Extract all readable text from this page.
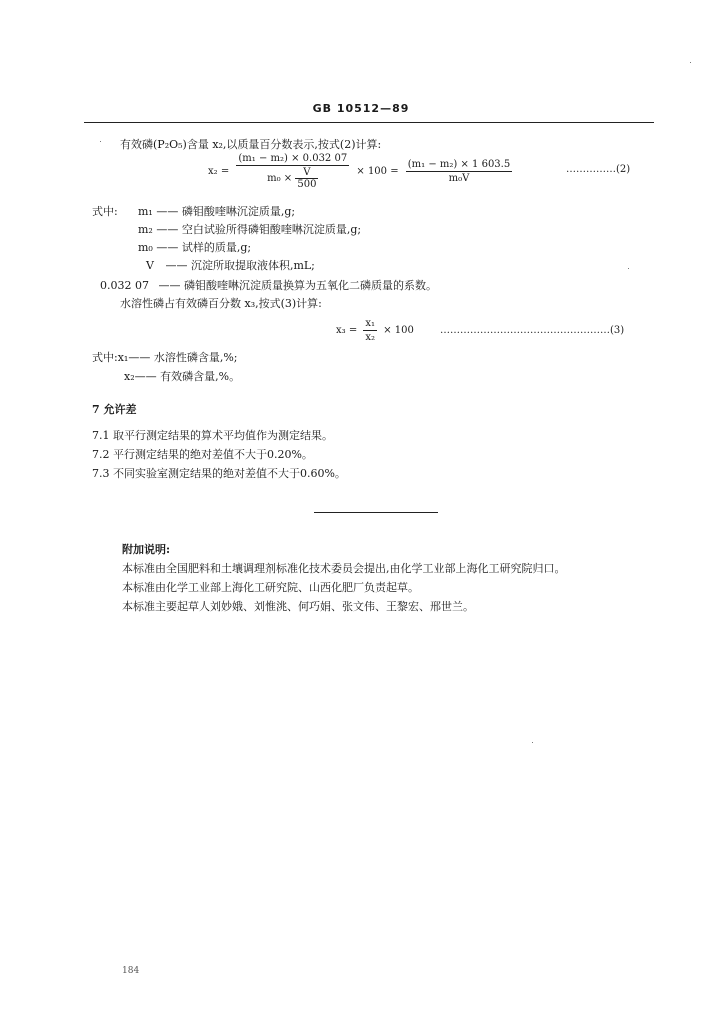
GB 10512—89
有效磷(P₂O₅)含量 x₂,以质量百分数表示,按式(2)计算:
$x_2 = \frac{\text{(m₁ − m₂) × 0.032 07}}{m_0 \times \frac{V}{500}} \times 100 = \frac{\text{(m₁ − m₂) × 1 603.5}}{\text{m₀V}}$	……………(2)
式中: m₁ —— 磷钼酸喹啉沉淀质量,g;
m₂ —— 空白试验所得磷钼酸喹啉沉淀质量,g;
m₀ —— 试样的质量,g;
V —— 沉淀所取提取液体积,mL;
0.032 07 —— 磷钼酸喹啉沉淀质量换算为五氧化二磷质量的系数。
水溶性磷占有效磷百分数 x₃,按式(3)计算:
$x_3 = \frac{\text{x₁}}{\text{x₂}} \times 100$	……………………………………………(3)
式中:x₁—— 水溶性磷含量,%;
x₂—— 有效磷含量,%。
7 允许差
7.1 取平行测定结果的算术平均值作为测定结果。
7.2 平行测定结果的绝对差值不大于0.20%。
7.3 不同实验室测定结果的绝对差值不大于0.60%。
附加说明:
本标准由全国肥料和土壤调理剂标准化技术委员会提出,由化学工业部上海化工研究院归口。
本标准由化学工业部上海化工研究院、山西化肥厂负责起草。
本标准主要起草人刘妙娥、刘惟洮、何巧娟、张文伟、王黎宏、邢世兰。
184
